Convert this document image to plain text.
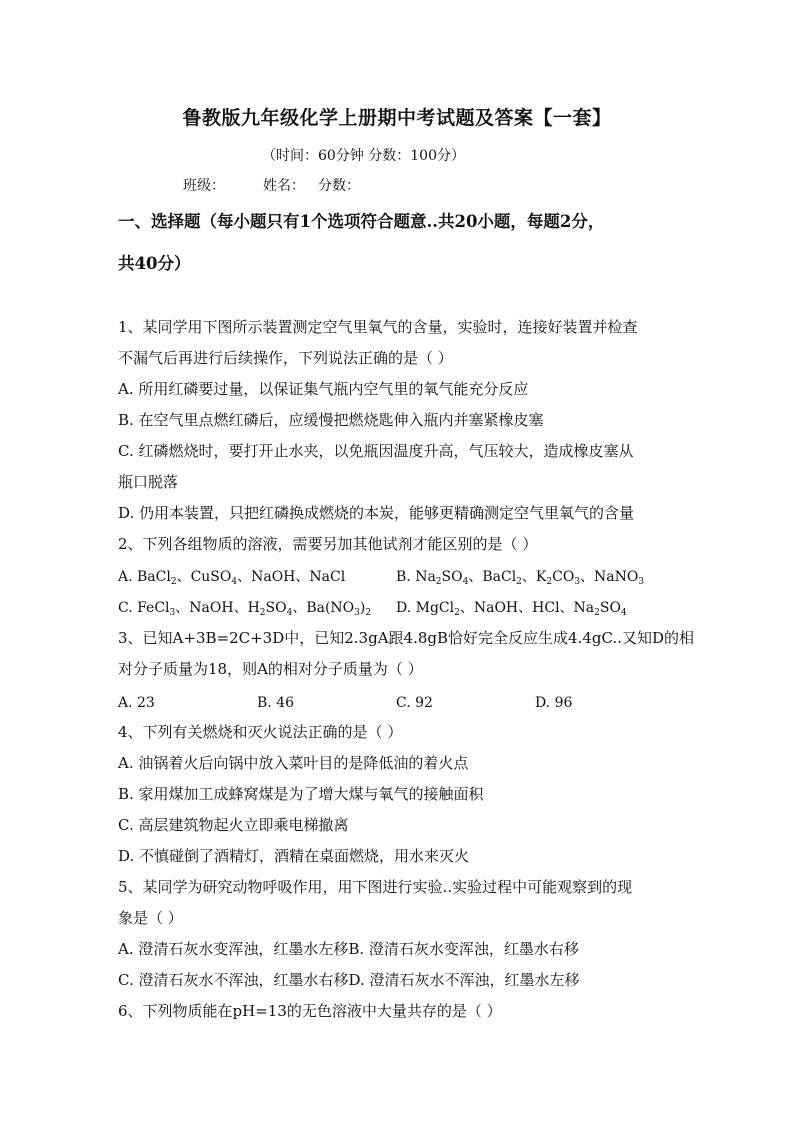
鲁教版九年级化学上册期中考试题及答案【一套】
（时间：60分钟 分数：100分）
班级：	姓名： 分数：
一、选择题（每小题只有1个选项符合题意..共20小题，每题2分，
共40分）
1、某同学用下图所示装置测定空气里氧气的含量，实验时，连接好装置并检查
不漏气后再进行后续操作，下列说法正确的是（ ）
A. 所用红磷要过量，以保证集气瓶内空气里的氧气能充分反应
B. 在空气里点燃红磷后，应缓慢把燃烧匙伸入瓶内并塞紧橡皮塞
C. 红磷燃烧时，要打开止水夹，以免瓶因温度升高，气压较大，造成橡皮塞从
瓶口脱落
D. 仍用本装置，只把红磷换成燃烧的本炭，能够更精确测定空气里氧气的含量
2、下列各组物质的溶液，需要另加其他试剂才能区别的是（ ）
A. BaCl$_2$、CuSO$_4$、NaOH、NaCl	B. $Na_2SO_4$、BaCl$_2$、$K_2CO_3$、NaNO$_3$
C. FeCl$_3$、NaOH、$H_2SO_4$、$Ba(NO_3)_2$ D. MgCl$_2$、NaOH、HCl、$Na_2SO_4$
3、已知A+3B=2C+3D中，已知2.3gA跟4.8gB恰好完全反应生成4.4gC..又知D的相
对分子质量为18，则A的相对分子质量为（ ）
A. 23	B. 46	C. 92	D. 96
4、下列有关燃烧和灭火说法正确的是（ ）
A. 油锅着火后向锅中放入菜叶目的是降低油的着火点
B. 家用煤加工成蜂窝煤是为了增大煤与氧气的接触面积
C. 高层建筑物起火立即乘电梯撤离
D. 不慎碰倒了酒精灯，酒精在桌面燃烧，用水来灭火
5、某同学为研究动物呼吸作用，用下图进行实验..实验过程中可能观察到的现
象是（ ）
A. 澄清石灰水变浑浊，红墨水左移B. 澄清石灰水变浑浊，红墨水右移
C. 澄清石灰水不浑浊，红墨水右移D. 澄清石灰水不浑浊，红墨水左移
6、下列物质能在pH=13的无色溶液中大量共存的是（ ）
